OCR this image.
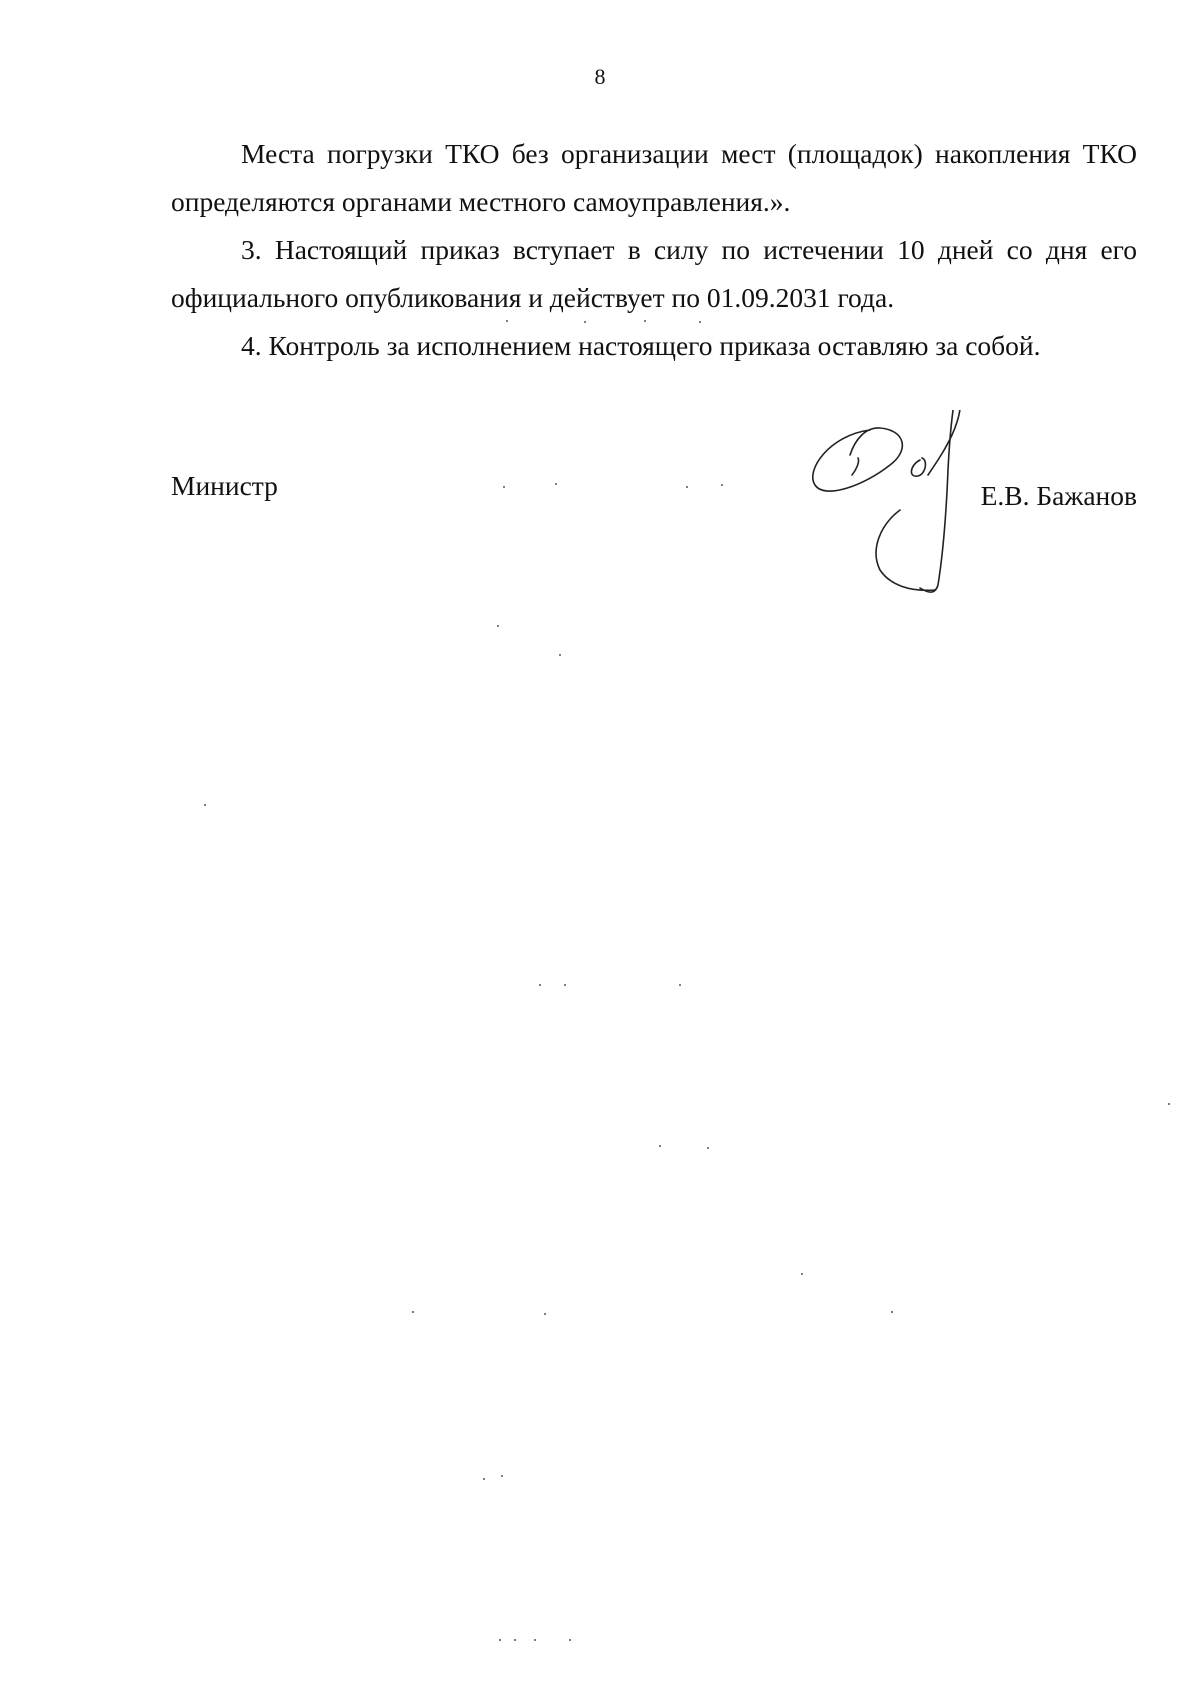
8

Места погрузки ТКО без организации мест (площадок) накопления ТКО определяются органами местного самоуправления.».

3. Настоящий приказ вступает в силу по истечении 10 дней со дня его официального опубликования и действует по 01.09.2031 года.

4. Контроль за исполнением настоящего приказа оставляю за собой.

Министр	Е.В. Бажанов
